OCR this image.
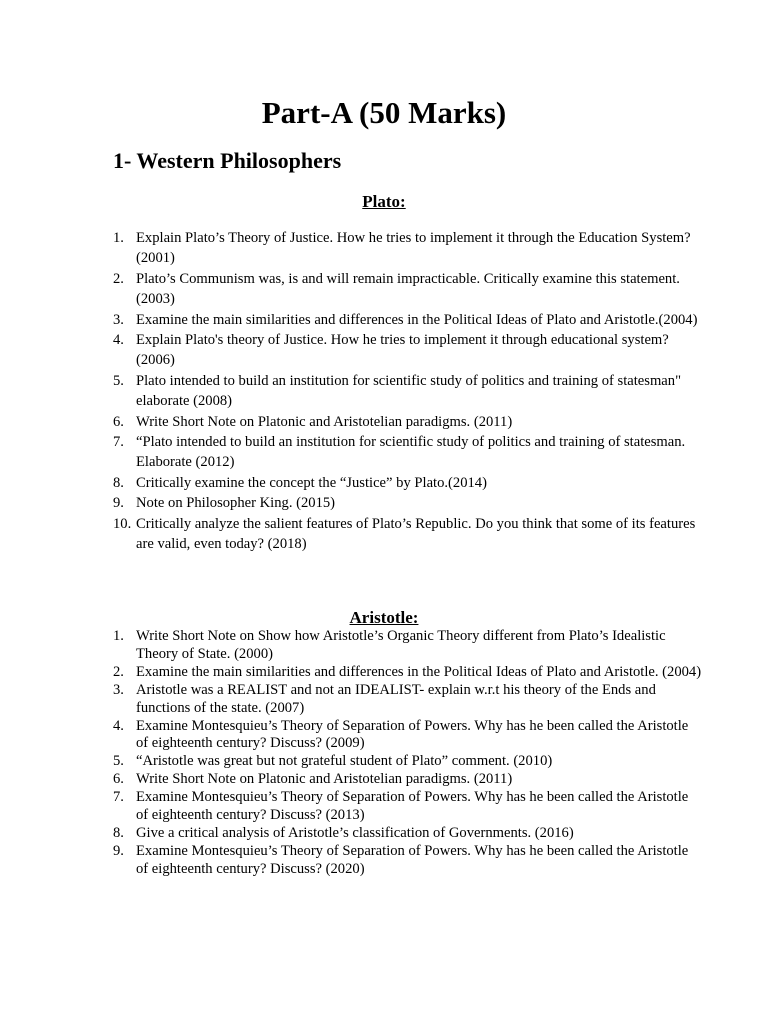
Part-A (50 Marks)
1- Western Philosophers
Plato:
1. Explain Plato’s Theory of Justice. How he tries to implement it through the Education System? (2001)
2. Plato’s Communism was, is and will remain impracticable. Critically examine this statement. (2003)
3. Examine the main similarities and differences in the Political Ideas of Plato and Aristotle.(2004)
4. Explain Plato's theory of Justice. How he tries to implement it through educational system? (2006)
5. Plato intended to build an institution for scientific study of politics and training of statesman" elaborate (2008)
6. Write Short Note on Platonic and Aristotelian paradigms. (2011)
7. “Plato intended to build an institution for scientific study of politics and training of statesman. Elaborate (2012)
8. Critically examine the concept the “Justice” by Plato.(2014)
9. Note on Philosopher King. (2015)
10. Critically analyze the salient features of Plato’s Republic. Do you think that some of its features are valid, even today? (2018)
Aristotle:
1. Write Short Note on Show how Aristotle’s Organic Theory different from Plato’s Idealistic Theory of State. (2000)
2. Examine the main similarities and differences in the Political Ideas of Plato and Aristotle. (2004)
3. Aristotle was a REALIST and not an IDEALIST- explain w.r.t his theory of the Ends and functions of the state. (2007)
4. Examine Montesquieu’s Theory of Separation of Powers. Why has he been called the Aristotle of eighteenth century? Discuss? (2009)
5. “Aristotle was great but not grateful student of Plato” comment. (2010)
6. Write Short Note on Platonic and Aristotelian paradigms. (2011)
7. Examine Montesquieu’s Theory of Separation of Powers. Why has he been called the Aristotle of eighteenth century? Discuss? (2013)
8. Give a critical analysis of Aristotle’s classification of Governments. (2016)
9. Examine Montesquieu’s Theory of Separation of Powers. Why has he been called the Aristotle of eighteenth century? Discuss? (2020)
